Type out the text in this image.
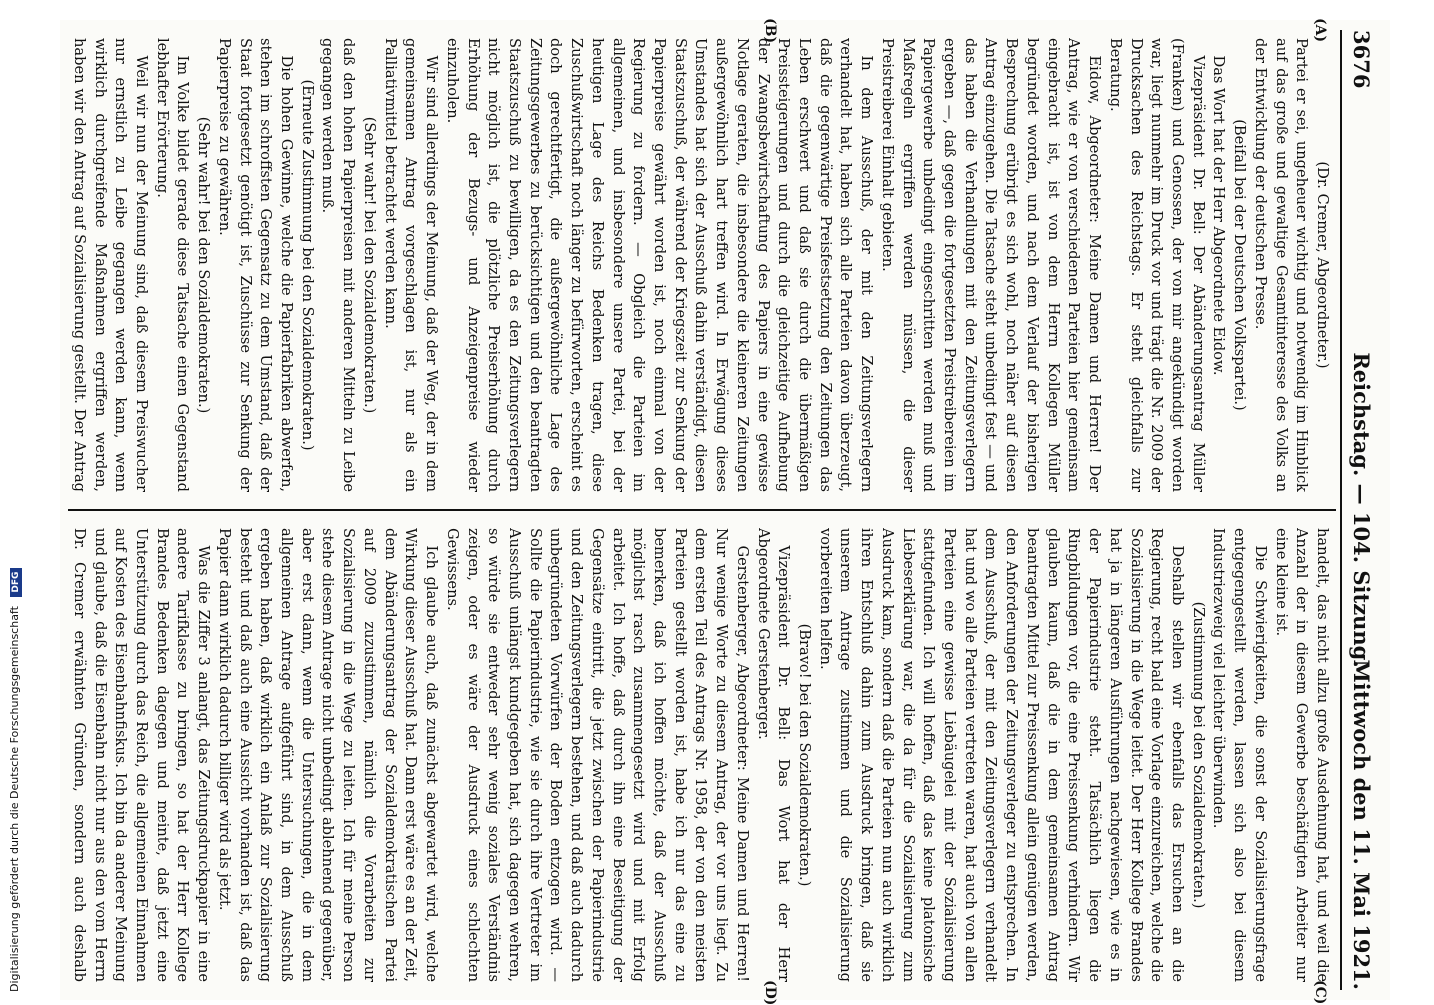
3676
Reichstag. — 104. Sitzung.
Mittwoch den 11. Mai 1921.
(A)
(B)
(C)
(D)

(Dr. Cremer, Abgeordneter.)

Partei er sei, ungeheuer wichtig und notwendig im Hinblick auf das große und gewaltige Gesamtinteresse des Volks an der Entwicklung der deutschen Presse.

(Beifall bei der Deutschen Volkspartei.)

Das Wort hat der Herr Abgeordnete Eidow.

Vizepräsident Dr. Bell: Der Abänderungsantrag Müller (Franken) und Genossen, der von mir angekündigt worden war, liegt nunmehr im Druck vor und trägt die Nr. 2009 der Drucksachen des Reichstags. Er steht gleichfalls zur Beratung.

Eidow, Abgeordneter: Meine Damen und Herren! Der Antrag, wie er von verschiedenen Parteien hier gemeinsam eingebracht ist, ist von dem Herrn Kollegen Müller begründet worden, und nach dem Verlauf der bisherigen Besprechung erübrigt es sich wohl, noch näher auf diesen Antrag einzugehen. Die Tatsache steht unbedingt fest — und das haben die Verhandlungen mit den Zeitungsverlegern ergeben —, daß gegen die fortgesetzten Preistreibereien im Papiergewerbe unbedingt eingeschritten werden muß und Maßregeln ergriffen werden müssen, die dieser Preistreiberei Einhalt gebieten.

In dem Ausschuß, der mit den Zeitungsverlegern verhandelt hat, haben sich alle Parteien davon überzeugt, daß die gegenwärtige Preisfestsetzung den Zeitungen das Leben erschwert und daß sie durch die übermäßigen Preissteigerungen und durch die gleichzeitige Aufhebung der Zwangsbewirtschaftung des Papiers in eine gewisse Notlage geraten, die insbesondere die kleineren Zeitungen außergewöhnlich hart treffen wird. In Erwägung dieses Umstandes hat sich der Ausschuß dahin verständigt, diesen Staatszuschuß, der während der Kriegszeit zur Senkung der Papierpreise gewährt worden ist, noch einmal von der Regierung zu fordern. — Obgleich die Parteien im allgemeinen, und insbesondere unsere Partei, bei der heutigen Lage des Reichs Bedenken tragen, diese Zuschußwirtschaft noch länger zu befürworten, erscheint es doch gerechtfertigt, die außergewöhnliche Lage des Zeitungsgewerbes zu berücksichtigen und den beantragten Staatszuschuß zu bewilligen, da es den Zeitungsverlegern nicht möglich ist, die plötzliche Preiserhöhung durch Erhöhung der Bezugs- und Anzeigenpreise wieder einzuholen.

Wir sind allerdings der Meinung, daß der Weg, der in dem gemeinsamen Antrag vorgeschlagen ist, nur als ein Palliativmittel betrachtet werden kann.

(Sehr wahr! bei den Sozialdemokraten.)

daß den hohen Papierpreisen mit anderen Mitteln zu Leibe gegangen werden muß.

(Erneute Zustimmung bei den Sozialdemokraten.)

Die hohen Gewinne, welche die Papierfabriken abwerfen, stehen im schroffsten Gegensatz zu dem Umstand, daß der Staat fortgesetzt genötigt ist, Zuschüsse zur Senkung der Papierpreise zu gewähren.

(Sehr wahr! bei den Sozialdemokraten.)

Im Volke bildet gerade diese Tatsache einen Gegenstand lebhafter Erörterung.

Weil wir nun der Meinung sind, daß diesem Preiswucher nur ernstlich zu Leibe gegangen werden kann, wenn wirklich durchgreifende Maßnahmen ergriffen werden, haben wir den Antrag auf Sozialisierung gestellt. Der Antrag

handelt, das nicht allzu große Ausdehnung hat, und weil die Anzahl der in diesem Gewerbe beschäftigten Arbeiter nur eine kleine ist.

Die Schwierigkeiten, die sonst der Sozialisierungsfrage entgegengestellt werden, lassen sich also bei diesem Industriezweig viel leichter überwinden.

(Zustimmung bei den Sozialdemokraten.)

Deshalb stellen wir ebenfalls das Ersuchen an die Regierung, recht bald eine Vorlage einzureichen, welche die Sozialisierung in die Wege leitet. Der Herr Kollege Brandes hat ja in längeren Ausführungen nachgewiesen, wie es in der Papierindustrie steht. Tatsächlich liegen die Ringbildungen vor, die eine Preissenkung verhindern. Wir glauben kaum, daß die in dem gemeinsamen Antrag beantragten Mittel zur Preissenkung allein genügen werden, den Anforderungen der Zeitungsverleger zu entsprechen. In dem Ausschuß, der mit den Zeitungsverlegern verhandelt hat und wo alle Parteien vertreten waren, hat auch von allen Parteien eine gewisse Liebäugelei mit der Sozialisierung stattgefunden. Ich will hoffen, daß das keine platonische Liebeserklärung war, die da für die Sozialisierung zum Ausdruck kam, sondern daß die Parteien nun auch wirklich ihren Entschluß dahin zum Ausdruck bringen, daß sie unserem Antrage zustimmen und die Sozialisierung vorbereiten helfen.

(Bravo! bei den Sozialdemokraten.)

Vizepräsident Dr. Bell: Das Wort hat der Herr Abgeordnete Gerstenberger.

Gerstenberger, Abgeordneter: Meine Damen und Herren! Nur wenige Worte zu diesem Antrag, der vor uns liegt. Zu dem ersten Teil des Antrags Nr. 1958, der von den meisten Parteien gestellt worden ist, habe ich nur das eine zu bemerken, daß ich hoffen möchte, daß der Ausschuß möglichst rasch zusammengesetzt wird und mit Erfolg arbeitet. Ich hoffe, daß durch ihn eine Beseitigung der Gegensätze eintritt, die jetzt zwischen der Papierindustrie und den Zeitungsverlegern bestehen, und daß auch dadurch unbegründeten Vorwürfen der Boden entzogen wird. — Sollte die Papierindustrie, wie sie durch ihre Vertreter im Ausschuß unlängst kundgegeben hat, sich dagegen wehren, so würde sie entweder sehr wenig soziales Verständnis zeigen, oder es wäre der Ausdruck eines schlechten Gewissens.

Ich glaube auch, daß zunächst abgewartet wird, welche Wirkung dieser Ausschuß hat. Dann erst wäre es an der Zeit, dem Abänderungsantrag der Sozialdemokratischen Partei auf 2009 zuzustimmen, nämlich die Vorarbeiten zur Sozialisierung in die Wege zu leiten. Ich für meine Person stehe diesem Antrage nicht unbedingt ablehnend gegenüber, aber erst dann, wenn die Untersuchungen, die in dem allgemeinen Antrage aufgeführt sind, in dem Ausschuß ergeben haben, daß wirklich ein Anlaß zur Sozialisierung besteht und daß auch eine Aussicht vorhanden ist, daß das Papier dann wirklich dadurch billiger wird als jetzt.

Was die Ziffer 3 anlangt, das Zeitungsdruckpapier in eine andere Tarifklasse zu bringen, so hat der Herr Kollege Brandes Bedenken dagegen und meinte, daß jetzt eine Unterstützung durch das Reich, die allgemeinen Einnahmen auf Kosten des Eisenbahnfiskus. Ich bin da anderer Meinung und glaube, daß die Eisenbahn nicht nur aus den vom Herrn Dr. Cremer erwähnten Gründen, sondern auch deshalb

Digitalisierung gefördert durch die Deutsche Forschungsgemeinschaft DFG
